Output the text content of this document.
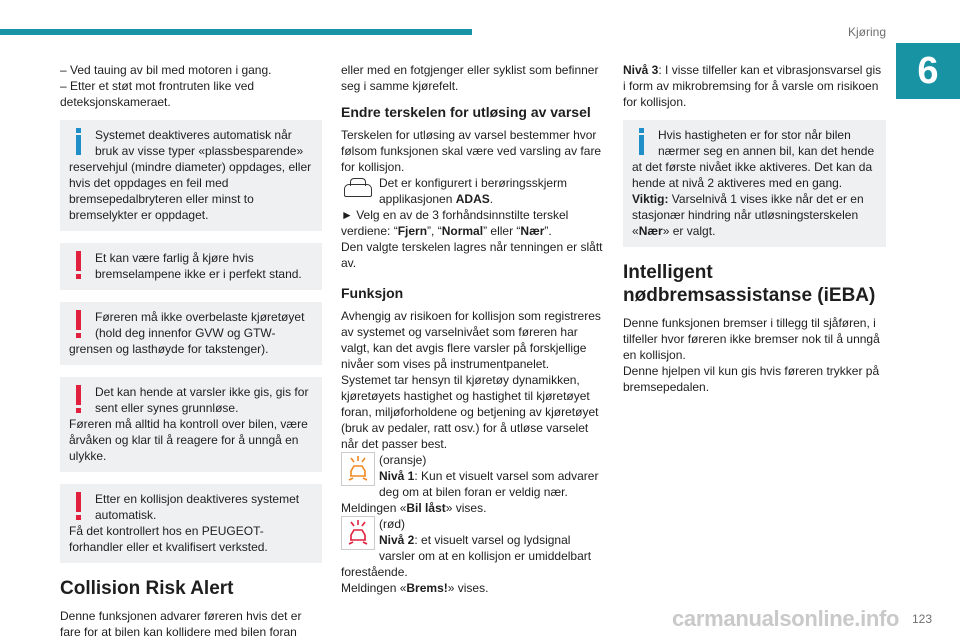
Kjøring
6

– Ved tauing av bil med motoren i gang.

– Etter et støt mot frontruten like ved deteksjonskameraet.

Systemet deaktiveres automatisk når bruk av visse typer «plassbesparende» reservehjul (mindre diameter) oppdages, eller hvis det oppdages en feil med bremsepedalbryteren eller minst to bremselykter er oppdaget.

Et kan være farlig å kjøre hvis bremselampene ikke er i perfekt stand.

Føreren må ikke overbelaste kjøretøyet (hold deg innenfor GVW og GTW-grensen og lasthøyde for takstenger).

Det kan hende at varsler ikke gis, gis for sent eller synes grunnløse.

Føreren må alltid ha kontroll over bilen, være årvåken og klar til å reagere for å unngå en ulykke.

Etter en kollisjon deaktiveres systemet automatisk.

Få det kontrollert hos en PEUGEOT-forhandler eller et kvalifisert verksted.

Collision Risk Alert

Denne funksjonen advarer føreren hvis det er fare for at bilen kan kollidere med bilen foran

eller med en fotgjenger eller syklist som befinner seg i samme kjørefelt.

Endre terskelen for utløsing av varsel

Terskelen for utløsing av varsel bestemmer hvor følsom funksjonen skal være ved varsling av fare for kollisjon.

Det er konfigurert i berøringsskjerm applikasjonen ADAS.

► Velg en av de 3 forhåndsinnstilte terskel verdiene: “Fjern”, “Normal” eller “Nær”.

Den valgte terskelen lagres når tenningen er slått av.

Funksjon

Avhengig av risikoen for kollisjon som registreres av systemet og varselnivået som føreren har valgt, kan det avgis flere varsler på forskjellige nivåer som vises på instrumentpanelet.

Systemet tar hensyn til kjøretøy dynamikken, kjøretøyets hastighet og hastighet til kjøretøyet foran, miljøforholdene og betjening av kjøretøyet (bruk av pedaler, ratt osv.) for å utløse varselet når det passer best.

(oransje)

Nivå 1: Kun et visuelt varsel som advarer deg om at bilen foran er veldig nær.

Meldingen «Bil låst» vises.

(rød)

Nivå 2: et visuelt varsel og lydsignal varsler om at en kollisjon er umiddelbart forestående.

Meldingen «Brems!» vises.

Nivå 3: I visse tilfeller kan et vibrasjonsvarsel gis i form av mikrobremsing for å varsle om risikoen for kollisjon.

Hvis hastigheten er for stor når bilen nærmer seg en annen bil, kan det hende at det første nivået ikke aktiveres. Det kan da hende at nivå 2 aktiveres med en gang.

Viktig: Varselnivå 1 vises ikke når det er en stasjonær hindring når utløsningsterskelen «Nær» er valgt.

Intelligent nødbremsassistanse (iEBA)

Denne funksjonen bremser i tillegg til sjåføren, i tilfeller hvor føreren ikke bremser nok til å unngå en kollisjon.

Denne hjelpen vil kun gis hvis føreren trykker på bremsepedalen.

carmanualsonline.info 123
